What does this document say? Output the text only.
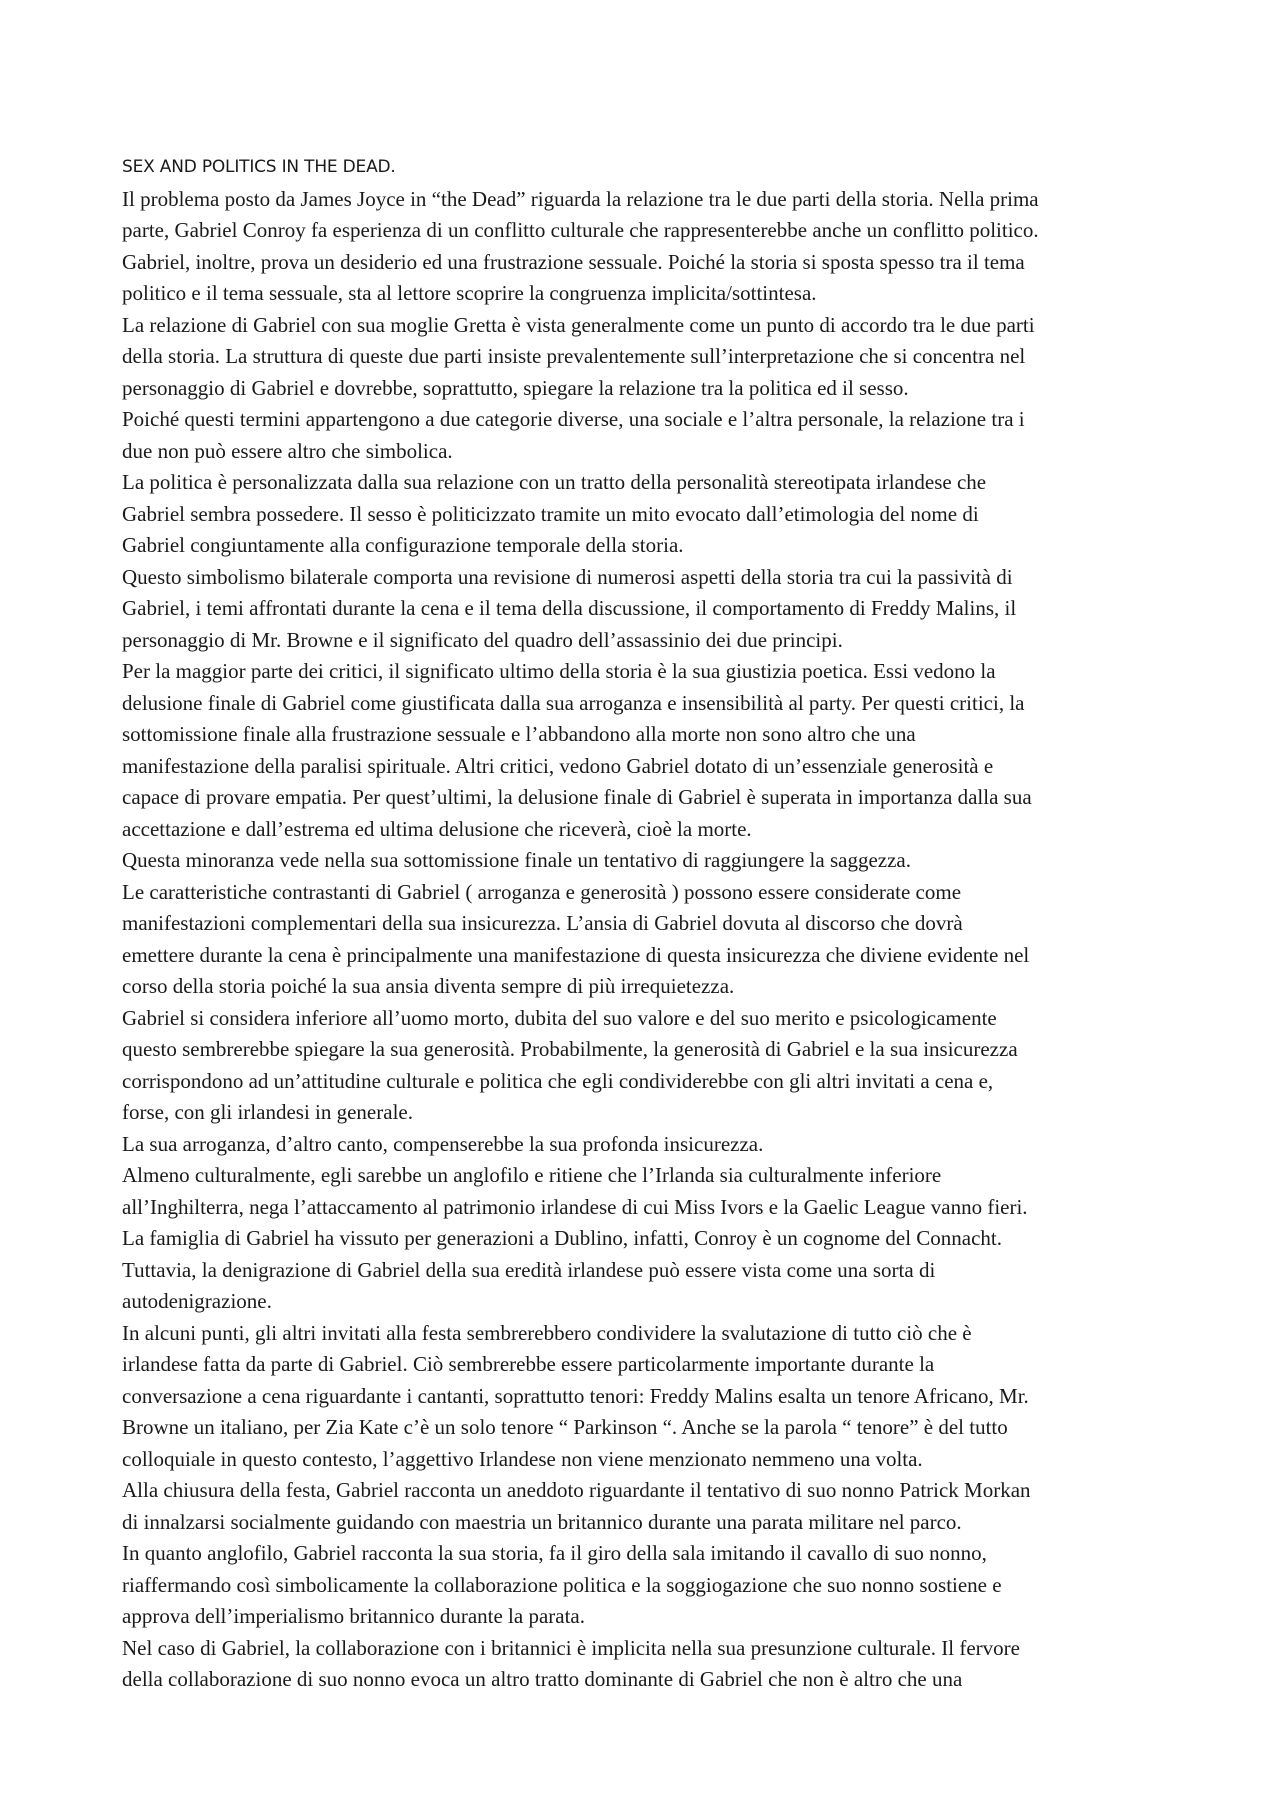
SEX AND POLITICS IN THE DEAD.
Il problema posto da James Joyce in “the Dead” riguarda la relazione tra le due parti della storia. Nella prima
parte, Gabriel Conroy fa esperienza di un conflitto culturale che rappresenterebbe anche un conflitto politico.
Gabriel, inoltre, prova un desiderio ed una frustrazione sessuale. Poiché la storia si sposta spesso tra il tema
politico e il tema sessuale, sta al lettore scoprire la congruenza implicita/sottintesa.
La relazione di Gabriel con sua moglie Gretta è vista generalmente come un punto di accordo tra le due parti
della storia. La struttura di queste due parti insiste prevalentemente sull’interpretazione che si concentra nel
personaggio di Gabriel e dovrebbe, soprattutto, spiegare la relazione tra la politica ed il sesso.
Poiché questi termini appartengono a due categorie diverse, una sociale e l’altra personale, la relazione tra i
due non può essere altro che simbolica.
La politica è personalizzata dalla sua relazione con un tratto della personalità stereotipata irlandese che
Gabriel sembra possedere. Il sesso è politicizzato tramite un mito evocato dall’etimologia del nome di
Gabriel congiuntamente alla configurazione temporale della storia.
Questo simbolismo bilaterale comporta una revisione di numerosi aspetti della storia tra cui la passività di
Gabriel, i temi affrontati durante la cena e il tema della discussione, il comportamento di Freddy Malins, il
personaggio di Mr. Browne e il significato del quadro dell’assassinio dei due principi.
Per la maggior parte dei critici, il significato ultimo della storia è la sua giustizia poetica. Essi vedono la
delusione finale di Gabriel come giustificata dalla sua arroganza e insensibilità al party. Per questi critici, la
sottomissione finale alla frustrazione sessuale e l’abbandono alla morte non sono altro che una
manifestazione della paralisi spirituale. Altri critici, vedono Gabriel dotato di un’essenziale generosità e
capace di provare empatia. Per quest’ultimi, la delusione finale di Gabriel è superata in importanza dalla sua
accettazione e dall’estrema ed ultima delusione che riceverà, cioè la morte.
Questa minoranza vede nella sua sottomissione finale un tentativo di raggiungere la saggezza.
Le caratteristiche contrastanti di Gabriel ( arroganza e generosità ) possono essere considerate come
manifestazioni complementari della sua insicurezza. L’ansia di Gabriel dovuta al discorso che dovrà
emettere durante la cena è principalmente una manifestazione di questa insicurezza che diviene evidente nel
corso della storia poiché la sua ansia diventa sempre di più irrequietezza.
Gabriel si considera inferiore all’uomo morto, dubita del suo valore e del suo merito e psicologicamente
questo sembrerebbe spiegare la sua generosità. Probabilmente, la generosità di Gabriel e la sua insicurezza
corrispondono ad un’attitudine culturale e politica che egli condividerebbe con gli altri invitati a cena e,
forse, con gli irlandesi in generale.
La sua arroganza, d’altro canto, compenserebbe la sua profonda insicurezza.
Almeno culturalmente, egli sarebbe un anglofilo e ritiene che l’Irlanda sia culturalmente inferiore
all’Inghilterra, nega l’attaccamento al patrimonio irlandese di cui Miss Ivors e la Gaelic League vanno fieri.
La famiglia di Gabriel ha vissuto per generazioni a Dublino, infatti, Conroy è un cognome del Connacht.
Tuttavia, la denigrazione di Gabriel della sua eredità irlandese può essere vista come una sorta di
autodenigrazione.
In alcuni punti, gli altri invitati alla festa sembrerebbero condividere la svalutazione di tutto ciò che è
irlandese fatta da parte di Gabriel. Ciò sembrerebbe essere particolarmente importante durante la
conversazione a cena riguardante i cantanti, soprattutto tenori: Freddy Malins esalta un tenore Africano, Mr.
Browne un italiano, per Zia Kate c’è un solo tenore “ Parkinson “. Anche se la parola “ tenore” è del tutto
colloquiale in questo contesto, l’aggettivo Irlandese non viene menzionato nemmeno una volta.
Alla chiusura della festa, Gabriel racconta un aneddoto riguardante il tentativo di suo nonno Patrick Morkan
di innalzarsi socialmente guidando con maestria un britannico durante una parata militare nel parco.
In quanto anglofilo, Gabriel racconta la sua storia, fa il giro della sala imitando il cavallo di suo nonno,
riaffermando così simbolicamente la collaborazione politica e la soggiogazione che suo nonno sostiene e
approva dell’imperialismo britannico durante la parata.
Nel caso di Gabriel, la collaborazione con i britannici è implicita nella sua presunzione culturale. Il fervore
della collaborazione di suo nonno evoca un altro tratto dominante di Gabriel che non è altro che una
